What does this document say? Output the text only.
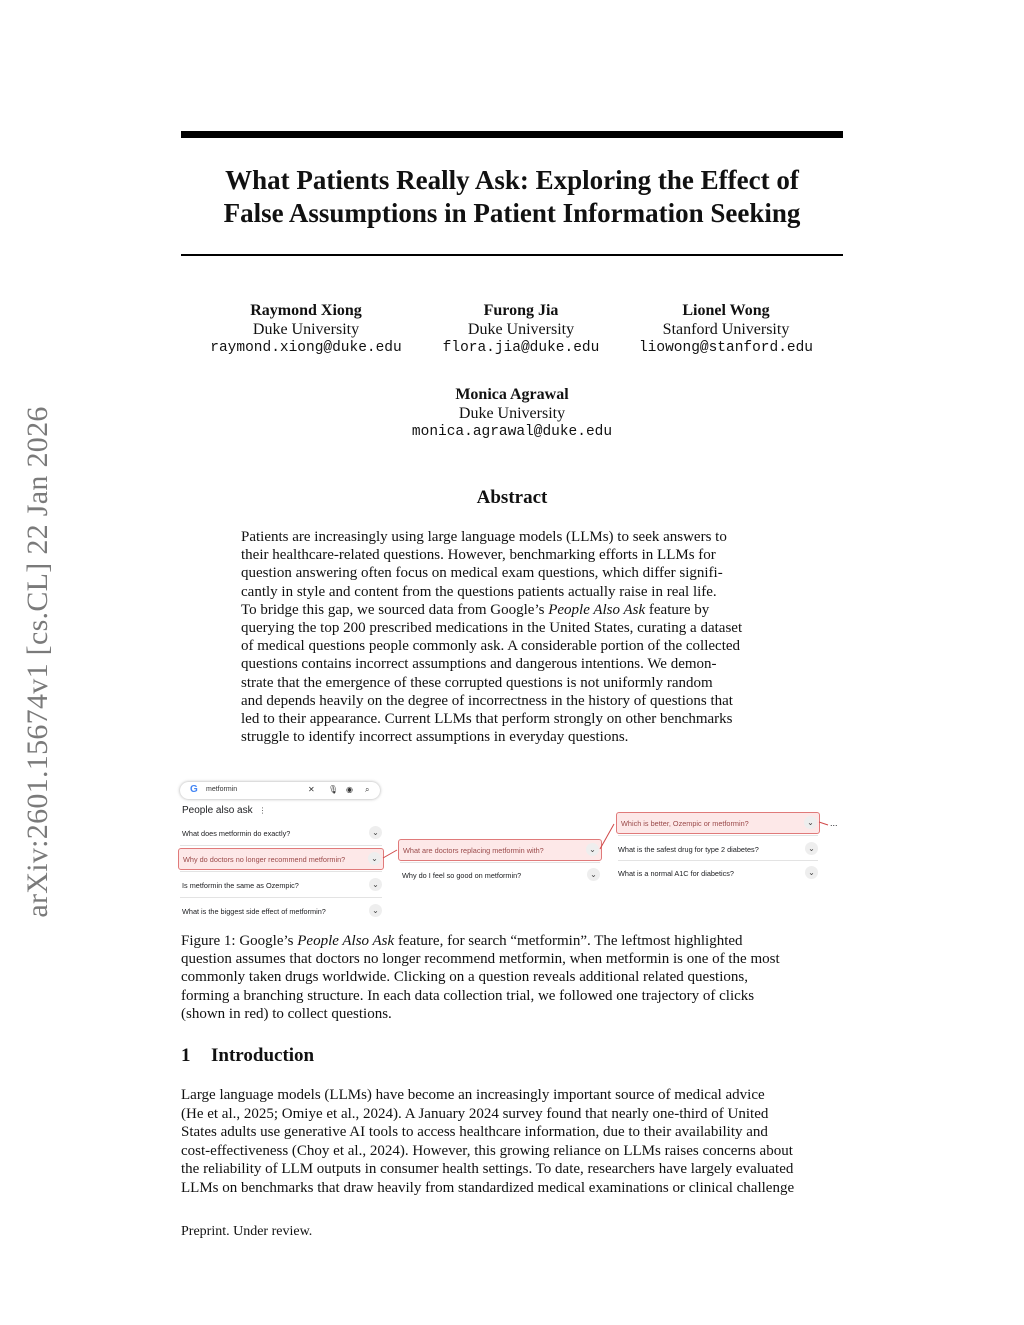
arXiv:2601.15674v1 [cs.CL] 22 Jan 2026
What Patients Really Ask: Exploring the Effect of
False Assumptions in Patient Information Seeking
Raymond Xiong
Duke University
raymond.xiong@duke.edu
Furong Jia
Duke University
flora.jia@duke.edu
Lionel Wong
Stanford University
liowong@stanford.edu
Monica Agrawal
Duke University
monica.agrawal@duke.edu
Abstract
Patients are increasingly using large language models (LLMs) to seek answers to
their healthcare-related questions. However, benchmarking efforts in LLMs for
question answering often focus on medical exam questions, which differ signifi-
cantly in style and content from the questions patients actually raise in real life.
To bridge this gap, we sourced data from Google’s People Also Ask feature by
querying the top 200 prescribed medications in the United States, curating a dataset
of medical questions people commonly ask. A considerable portion of the collected
questions contains incorrect assumptions and dangerous intentions. We demon-
strate that the emergence of these corrupted questions is not uniformly random
and depends heavily on the degree of incorrectness in the history of questions that
led to their appearance. Current LLMs that perform strongly on other benchmarks
struggle to identify incorrect assumptions in everyday questions.
G metformin	✕ 🎙 ◉ ⌕
People also ask ⋮
What does metformin do exactly?	⌄
Why do doctors no longer recommend metformin?	⌄
Is metformin the same as Ozempic?	⌄
What is the biggest side effect of metformin?	⌄
What are doctors replacing metformin with?	⌄
Why do I feel so good on metformin?	⌄
Which is better, Ozempic or metformin?	⌄
What is the safest drug for type 2 diabetes?	⌄
What is a normal A1C for diabetics?	⌄
...
Figure 1: Google’s People Also Ask feature, for search “metformin”. The leftmost highlighted
question assumes that doctors no longer recommend metformin, when metformin is one of the most
commonly taken drugs worldwide. Clicking on a question reveals additional related questions,
forming a branching structure. In each data collection trial, we followed one trajectory of clicks
(shown in red) to collect questions.
1 Introduction
Large language models (LLMs) have become an increasingly important source of medical advice
(He et al., 2025; Omiye et al., 2024). A January 2024 survey found that nearly one-third of United
States adults use generative AI tools to access healthcare information, due to their availability and
cost-effectiveness (Choy et al., 2024). However, this growing reliance on LLMs raises concerns about
the reliability of LLM outputs in consumer health settings. To date, researchers have largely evaluated
LLMs on benchmarks that draw heavily from standardized medical examinations or clinical challenge
Preprint. Under review.
